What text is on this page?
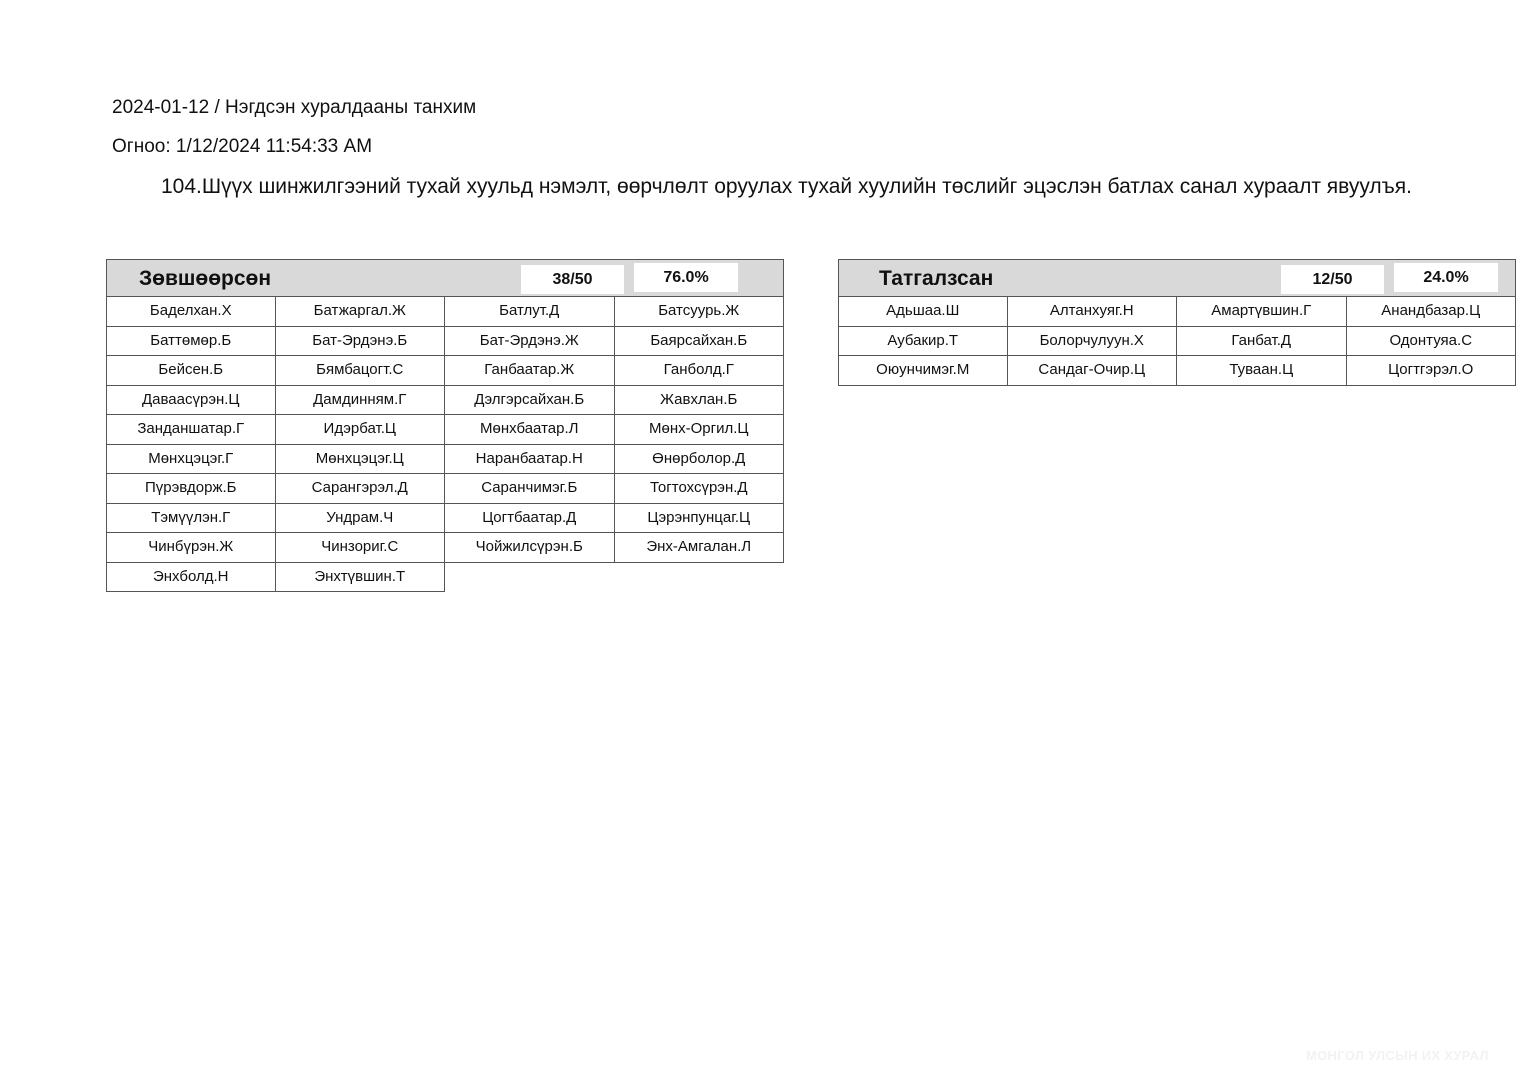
2024-01-12 / Нэгдсэн хуралдааны танхим
Огноо: 1/12/2024 11:54:33 AM
104.Шүүх шинжилгээний тухай хуульд нэмэлт, өөрчлөлт оруулах тухай хуулийн төслийг эцэслэн батлах санал хураалт явуулъя.
Зөвшөөрсөн	38/50	76.0%
Баделхан.Х	Батжаргал.Ж	Батлут.Д	Батсуурь.Ж
Баттөмөр.Б	Бат-Эрдэнэ.Б	Бат-Эрдэнэ.Ж	Баярсайхан.Б
Бейсен.Б	Бямбацогт.С	Ганбаатар.Ж	Ганболд.Г
Даваасүрэн.Ц	Дамдинням.Г	Дэлгэрсайхан.Б	Жавхлан.Б
Занданшатар.Г	Идэрбат.Ц	Мөнхбаатар.Л	Мөнх-Оргил.Ц
Мөнхцэцэг.Г	Мөнхцэцэг.Ц	Наранбаатар.Н	Өнөрболор.Д
Пүрэвдорж.Б	Сарангэрэл.Д	Саранчимэг.Б	Тогтохсүрэн.Д
Тэмүүлэн.Г	Ундрам.Ч	Цогтбаатар.Д	Цэрэнпунцаг.Ц
Чинбүрэн.Ж	Чинзориг.С	Чойжилсүрэн.Б	Энх-Амгалан.Л
Энхболд.Н	Энхтүвшин.Т
Татгалзсан	12/50	24.0%
Адьшаа.Ш	Алтанхуяг.Н	Амартүвшин.Г	Анандбазар.Ц
Аубакир.Т	Болорчулуун.Х	Ганбат.Д	Одонтуяа.С
Оюунчимэг.М	Сандаг-Очир.Ц	Туваан.Ц	Цогтгэрэл.О
МОНГОЛ УЛСЫН ИХ ХУРАЛ
